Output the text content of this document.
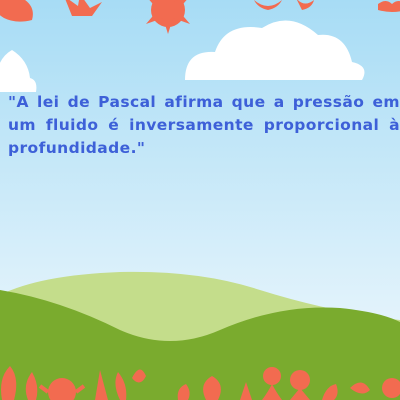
"A lei de Pascal afirma que a pressão em um fluido é inversamente proporcional à profundidade."
